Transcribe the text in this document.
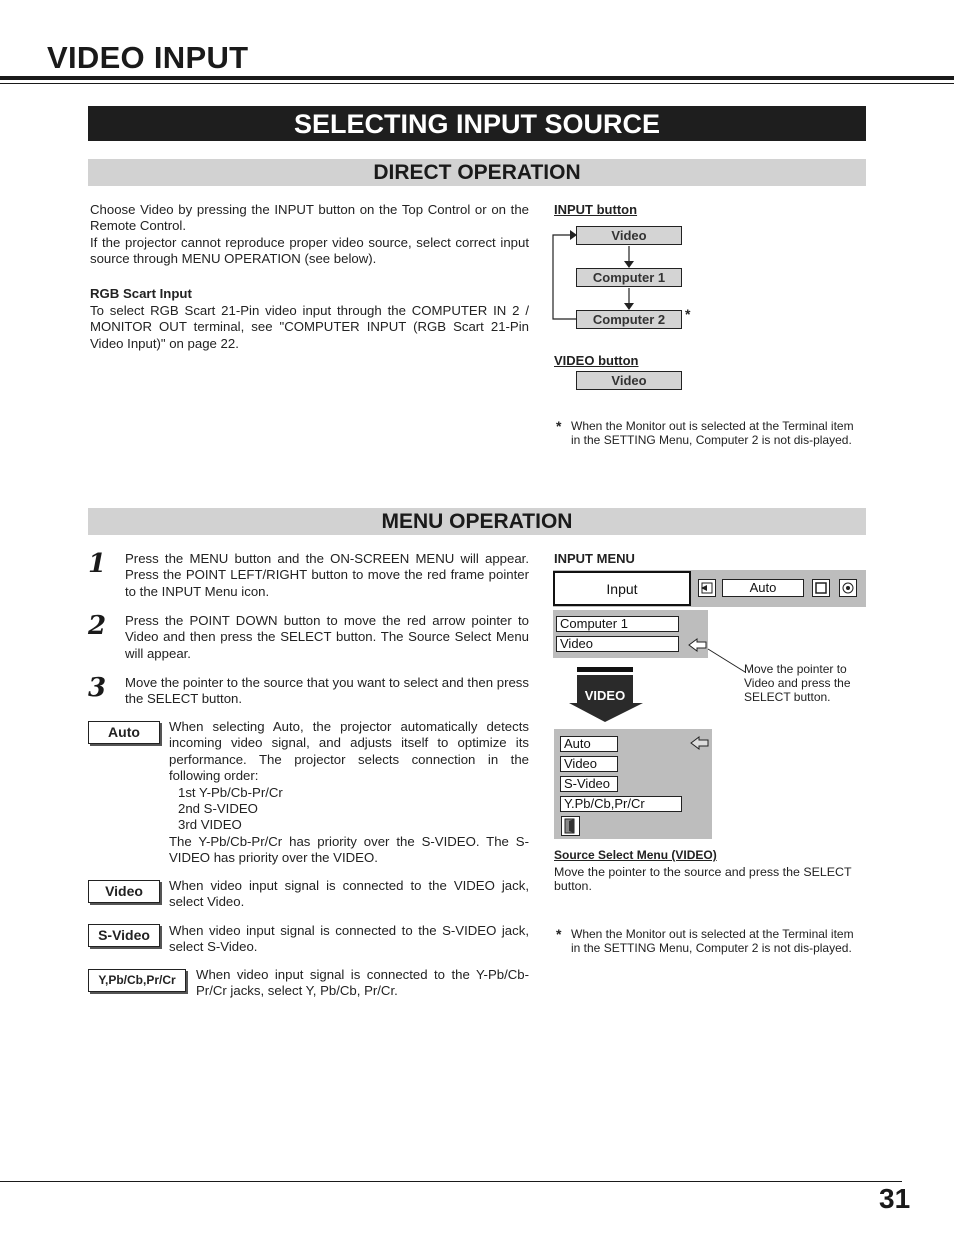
VIDEO INPUT
SELECTING INPUT SOURCE
DIRECT OPERATION
Choose Video by pressing the INPUT button on the Top Control or on the Remote Control.
If the projector cannot reproduce proper video source, select correct input source through MENU OPERATION (see below).
RGB Scart Input
To select RGB Scart 21-Pin video input through the COMPUTER IN 2 / MONITOR OUT terminal, see "COMPUTER INPUT (RGB Scart 21-Pin Video Input)" on page 22.
INPUT button
Video
Computer 1
Computer 2	*
VIDEO button
Video
* When the Monitor out is selected at the Terminal item in the SETTING Menu, Computer 2 is not dis-played.
MENU OPERATION
1 Press the MENU button and the ON-SCREEN MENU will appear. Press the POINT LEFT/RIGHT button to move the red frame pointer to the INPUT Menu icon.
2 Press the POINT DOWN button to move the red arrow pointer to Video and then press the SELECT button. The Source Select Menu will appear.
3 Move the pointer to the source that you want to select and then press the SELECT button.
Auto	When selecting Auto, the projector automatically detects incoming video signal, and adjusts itself to optimize its performance. The projector selects connection in the following order:
1st Y-Pb/Cb-Pr/Cr
2nd S-VIDEO
3rd VIDEO
The Y-Pb/Cb-Pr/Cr has priority over the S-VIDEO. The S-VIDEO has priority over the VIDEO.
Video	When video input signal is connected to the VIDEO jack, select Video.
S-Video	When video input signal is connected to the S-VIDEO jack, select S-Video.
Y,Pb/Cb,Pr/Cr	When video input signal is connected to the Y-Pb/Cb-Pr/Cr jacks, select Y, Pb/Cb, Pr/Cr.
INPUT MENU
Input	Auto
Computer 1
Video
Move the pointer to Video and press the SELECT button.
VIDEO
Auto
Video
S-Video
Y.Pb/Cb,Pr/Cr
Source Select Menu (VIDEO)
Move the pointer to the source and press the SELECT button.
* When the Monitor out is selected at the Terminal item in the SETTING Menu, Computer 2 is not dis-played.
31
